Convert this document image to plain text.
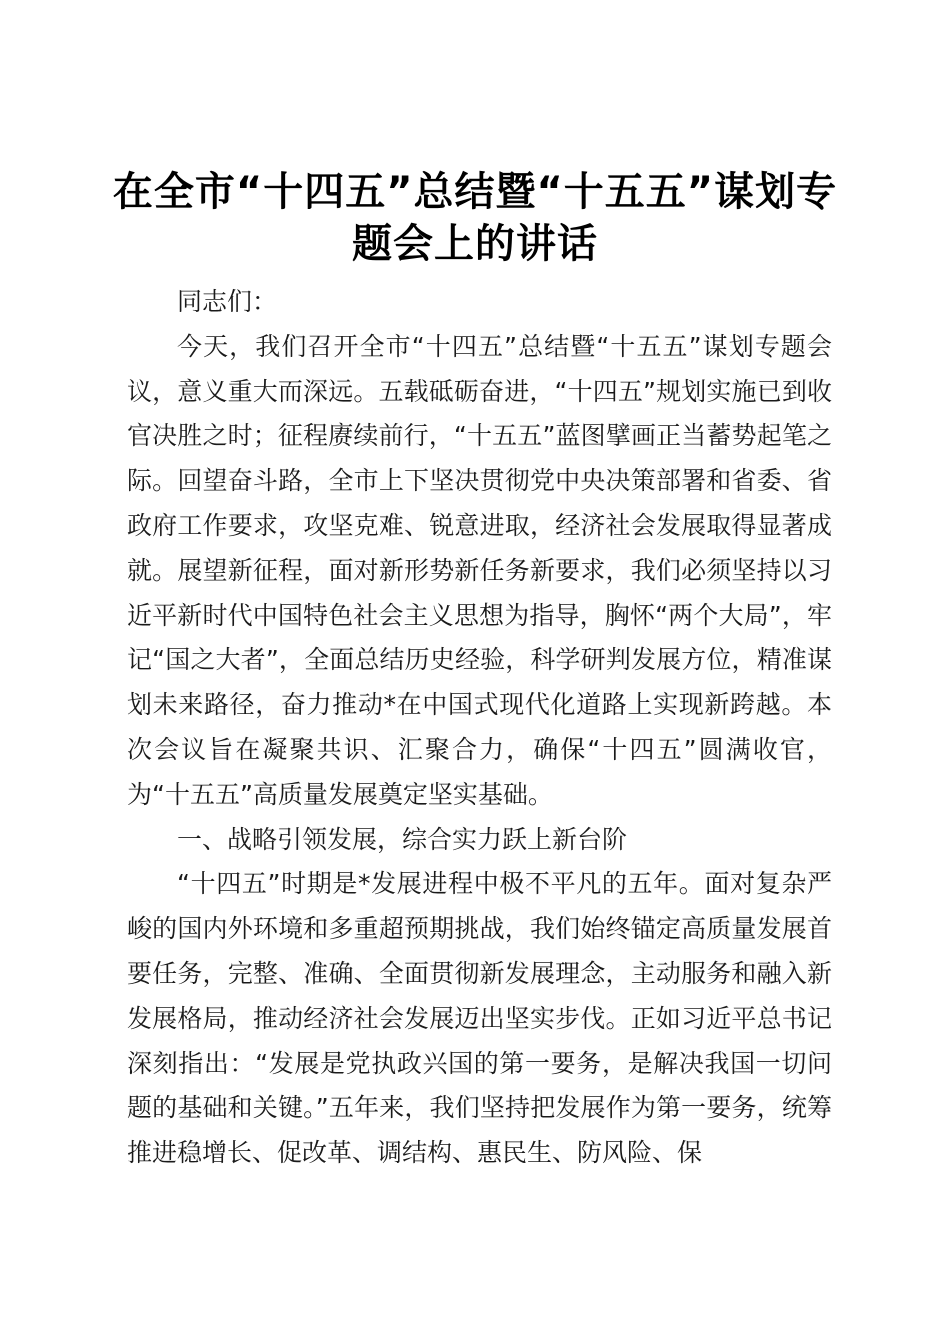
在全市“十四五”总结暨“十五五”谋划专题会上的讲话

同志们：

今天，我们召开全市“十四五”总结暨“十五五”谋划专题会议，意义重大而深远。五载砥砺奋进，“十四五”规划实施已到收官决胜之时；征程赓续前行，“十五五”蓝图擘画正当蓄势起笔之际。回望奋斗路，全市上下坚决贯彻党中央决策部署和省委、省政府工作要求，攻坚克难、锐意进取，经济社会发展取得显著成就。展望新征程，面对新形势新任务新要求，我们必须坚持以习近平新时代中国特色社会主义思想为指导，胸怀“两个大局”，牢记“国之大者”，全面总结历史经验，科学研判发展方位，精准谋划未来路径，奋力推动*在中国式现代化道路上实现新跨越。本次会议旨在凝聚共识、汇聚合力，确保“十四五”圆满收官，为“十五五”高质量发展奠定坚实基础。

一、战略引领发展，综合实力跃上新台阶

“十四五”时期是*发展进程中极不平凡的五年。面对复杂严峻的国内外环境和多重超预期挑战，我们始终锚定高质量发展首要任务，完整、准确、全面贯彻新发展理念，主动服务和融入新发展格局，推动经济社会发展迈出坚实步伐。正如习近平总书记深刻指出：“发展是党执政兴国的第一要务，是解决我国一切问题的基础和关键。”五年来，我们坚持把发展作为第一要务，统筹推进稳增长、促改革、调结构、惠民生、防风险、保
